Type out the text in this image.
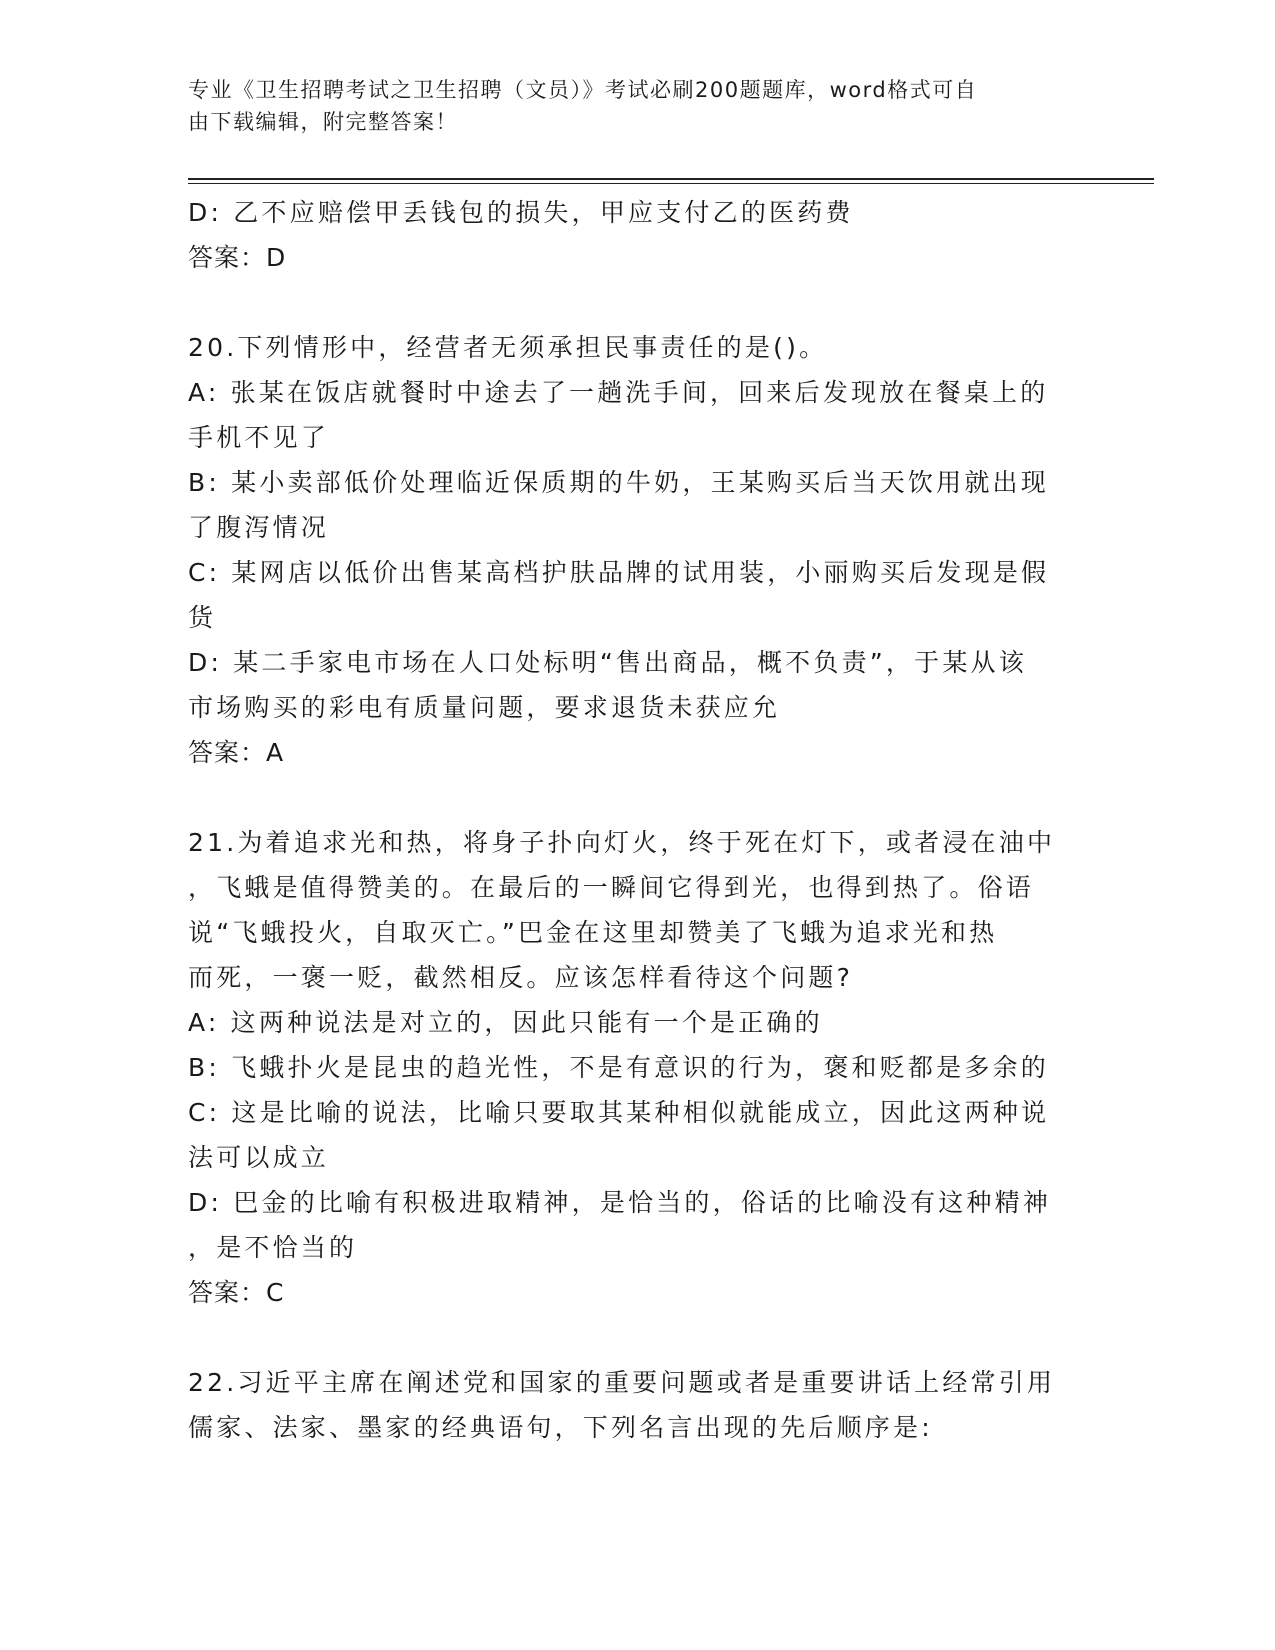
专业《卫生招聘考试之卫生招聘（文员）》考试必刷200题题库，word格式可自
由下载编辑，附完整答案！
D: 乙不应赔偿甲丢钱包的损失，甲应支付乙的医药费
答案：D
20.下列情形中，经营者无须承担民事责任的是()。
A: 张某在饭店就餐时中途去了一趟洗手间，回来后发现放在餐桌上的
手机不见了
B: 某小卖部低价处理临近保质期的牛奶，王某购买后当天饮用就出现
了腹泻情况
C: 某网店以低价出售某高档护肤品牌的试用装，小丽购买后发现是假
货
D: 某二手家电市场在人口处标明“售出商品，概不负责”，于某从该
市场购买的彩电有质量问题，要求退货未获应允
答案：A
21.为着追求光和热，将身子扑向灯火，终于死在灯下，或者浸在油中
，飞蛾是值得赞美的。在最后的一瞬间它得到光，也得到热了。俗语
说“飞蛾投火，自取灭亡。”巴金在这里却赞美了飞蛾为追求光和热
而死，一褒一贬，截然相反。应该怎样看待这个问题?
A: 这两种说法是对立的，因此只能有一个是正确的
B: 飞蛾扑火是昆虫的趋光性，不是有意识的行为，褒和贬都是多余的
C: 这是比喻的说法，比喻只要取其某种相似就能成立，因此这两种说
法可以成立
D: 巴金的比喻有积极进取精神，是恰当的，俗话的比喻没有这种精神
，是不恰当的
答案：C
22.习近平主席在阐述党和国家的重要问题或者是重要讲话上经常引用
儒家、法家、墨家的经典语句，下列名言出现的先后顺序是:
